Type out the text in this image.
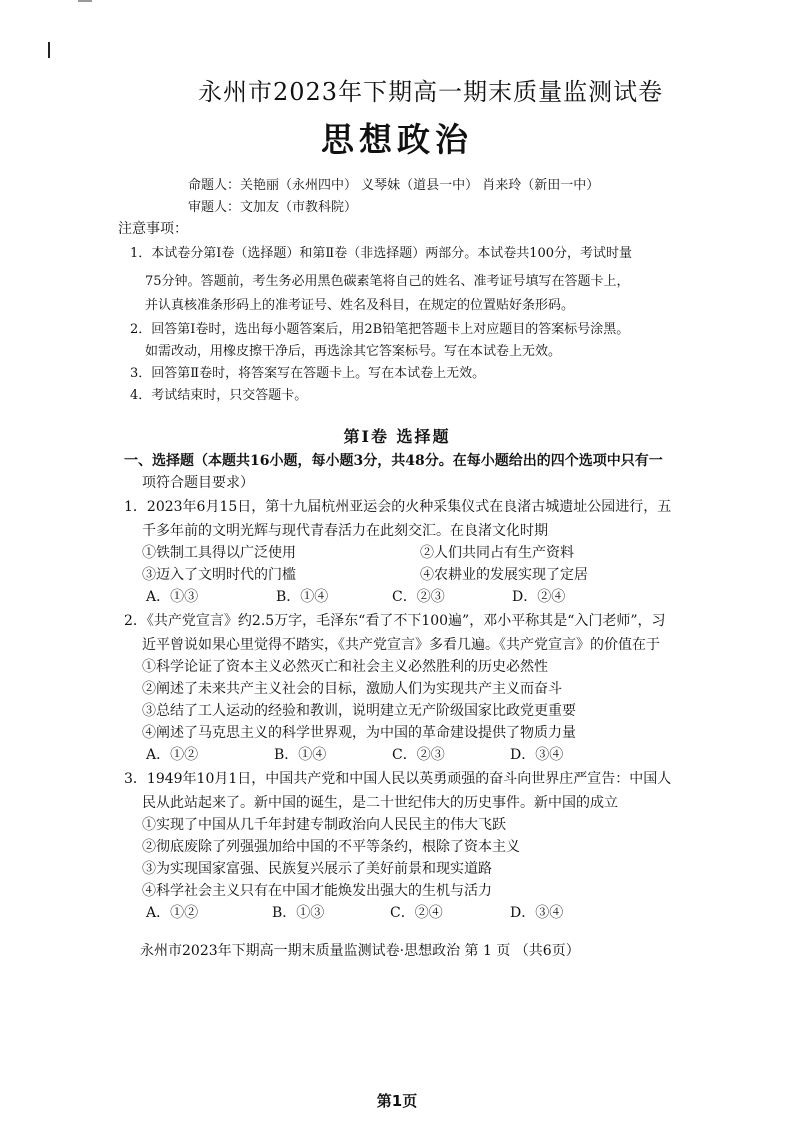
永州市2023年下期高一期末质量监测试卷
思想政治
命题人：关艳丽（永州四中） 义琴妹（道县一中） 肖来玲（新田一中）
审题人：文加友（市教科院）
注意事项：
1．本试卷分第Ⅰ卷（选择题）和第Ⅱ卷（非选择题）两部分。本试卷共100分，考试时量
75分钟。答题前，考生务必用黑色碳素笔将自己的姓名、准考证号填写在答题卡上，
并认真核准条形码上的准考证号、姓名及科目，在规定的位置贴好条形码。
2．回答第Ⅰ卷时，选出每小题答案后，用2B铅笔把答题卡上对应题目的答案标号涂黑。
如需改动，用橡皮擦干净后，再选涂其它答案标号。写在本试卷上无效。
3．回答第Ⅱ卷时，将答案写在答题卡上。写在本试卷上无效。
4．考试结束时，只交答题卡。
第Ⅰ卷 选择题
一、选择题（本题共16小题，每小题3分，共48分。在每小题给出的四个选项中只有一
项符合题目要求）
1．2023年6月15日，第十九届杭州亚运会的火种采集仪式在良渚古城遗址公园进行，五
千多年前的文明光辉与现代青春活力在此刻交汇。在良渚文化时期
①铁制工具得以广泛使用	②人们共同占有生产资料
③迈入了文明时代的门槛	④农耕业的发展实现了定居
A．①③	B．①④	C．②③	D．②④
2．《共产党宣言》约2.5万字，毛泽东“看了不下100遍”，邓小平称其是“入门老师”，习
近平曾说如果心里觉得不踏实，《共产党宣言》多看几遍。《共产党宣言》的价值在于
①科学论证了资本主义必然灭亡和社会主义必然胜利的历史必然性
②阐述了未来共产主义社会的目标，激励人们为实现共产主义而奋斗
③总结了工人运动的经验和教训，说明建立无产阶级国家比政党更重要
④阐述了马克思主义的科学世界观，为中国的革命建设提供了物质力量
A．①②	B．①④	C．②③	D．③④
3．1949年10月1日，中国共产党和中国人民以英勇顽强的奋斗向世界庄严宣告：中国人
民从此站起来了。新中国的诞生，是二十世纪伟大的历史事件。新中国的成立
①实现了中国从几千年封建专制政治向人民民主的伟大飞跃
②彻底废除了列强强加给中国的不平等条约，根除了资本主义
③为实现国家富强、民族复兴展示了美好前景和现实道路
④科学社会主义只有在中国才能焕发出强大的生机与活力
A．①②	B．①③	C．②④	D．③④
永州市2023年下期高一期末质量监测试卷·思想政治 第 1 页 （共6页）
第1页
